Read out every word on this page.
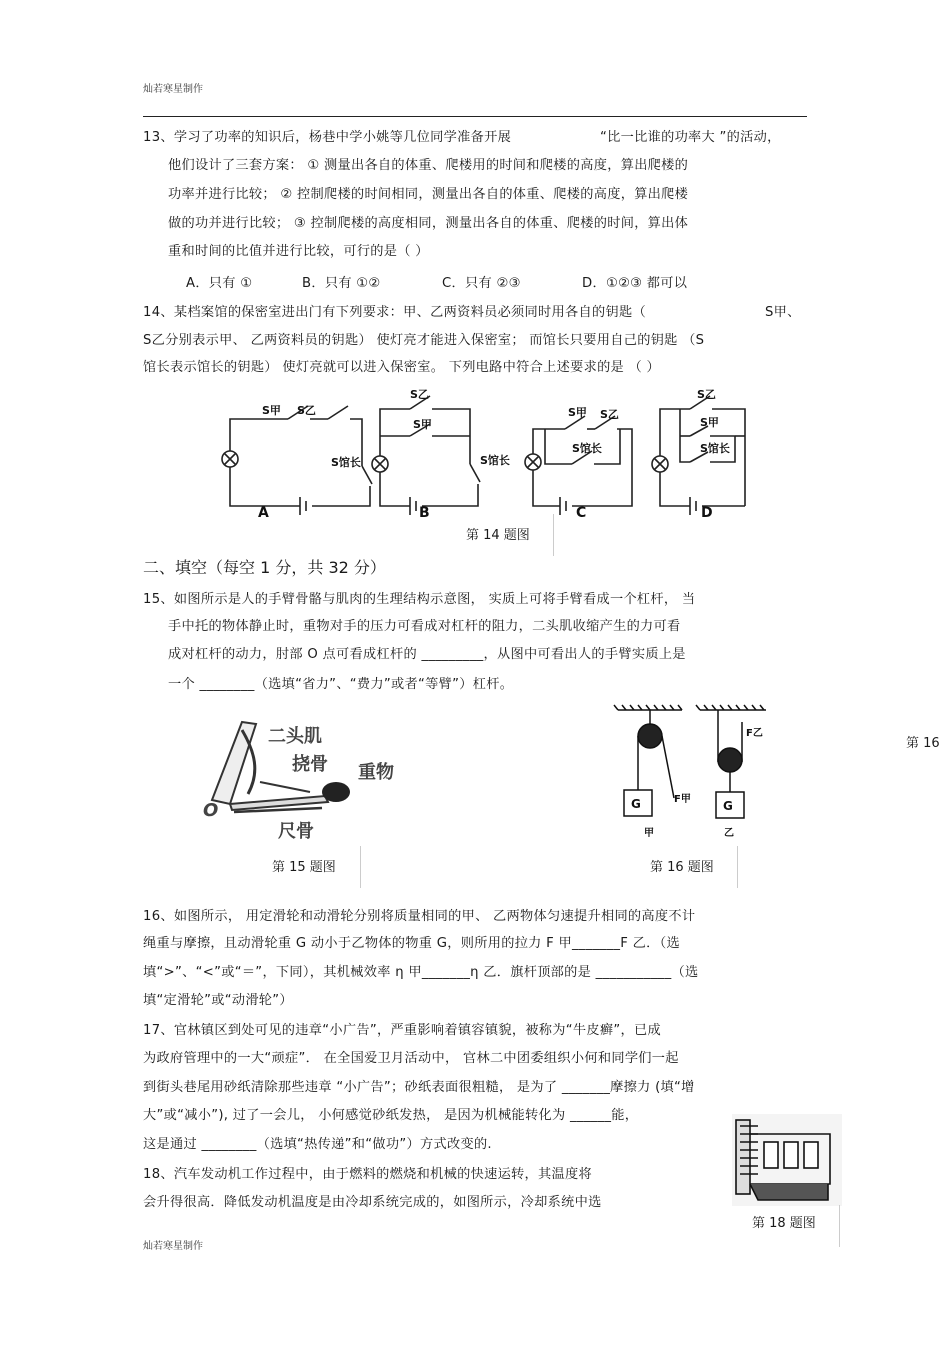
灿若寒星制作
13、学习了功率的知识后，杨巷中学小姚等几位同学准备开展	“比一比谁的功率大 ”的活动，
他们设计了三套方案： ① 测量出各自的体重、爬楼用的时间和爬楼的高度，算出爬楼的
功率并进行比较； ② 控制爬楼的时间相同，测量出各自的体重、爬楼的高度，算出爬楼
做的功并进行比较； ③ 控制爬楼的高度相同，测量出各自的体重、爬楼的时间，算出体
重和时间的比值并进行比较，可行的是（ ）
A．只有 ①	B．只有 ①②	C．只有 ②③	D．①②③ 都可以
14、某档案馆的保密室进出门有下列要求：甲、乙两资料员必须同时用各自的钥匙（	S甲、
S乙分别表示甲、 乙两资料员的钥匙） 使灯亮才能进入保密室； 而馆长只要用自己的钥匙 （S
馆长表示馆长的钥匙） 使灯亮就可以进入保密室。 下列电路中符合上述要求的是 （ ）
S甲 S乙
S馆长
S乙
S甲
S馆长
S甲 S乙
S馆长
S乙
S甲
S馆长
A	B	C	D
第 14 题图
二、填空（每空 1 分，共 32 分）
15、如图所示是人的手臂骨骼与肌肉的生理结构示意图， 实质上可将手臂看成一个杠杆， 当
手中托的物体静止时，重物对手的压力可看成对杠杆的阻力，二头肌收缩产生的力可看
成对杠杆的动力，肘部 O 点可看成杠杆的 _________，从图中可看出人的手臂实质上是
一个 ________（选填“省力”、“费力”或者“等臂”）杠杆。
二头肌
挠骨 重物
尺骨
O
第 15 题图
G	G
F甲
F乙
甲	乙
第 16 题图
第 16
16、如图所示， 用定滑轮和动滑轮分别将质量相同的甲、 乙两物体匀速提升相同的高度不计
绳重与摩擦，且动滑轮重 G 动小于乙物体的物重 G，则所用的拉力 F 甲_______F 乙．（选
填“>”、“<”或“＝”，下同），其机械效率 η 甲_______η 乙．旗杆顶部的是 ___________（选
填“定滑轮”或“动滑轮”）
17、官林镇区到处可见的违章“小广告”，严重影响着镇容镇貌，被称为“牛皮癣”，已成
为政府管理中的一大“顽症”． 在全国爱卫月活动中， 官林二中团委组织小何和同学们一起
到街头巷尾用砂纸清除那些违章 “小广告”；砂纸表面很粗糙， 是为了 _______摩擦力 (填“增
大”或“减小”), 过了一会儿， 小何感觉砂纸发热， 是因为机械能转化为 ______能，
这是通过 ________（选填“热传递”和“做功”）方式改变的.
18、汽车发动机工作过程中，由于燃料的燃烧和机械的快速运转，其温度将
会升得很高．降低发动机温度是由冷却系统完成的，如图所示，冷却系统中选
第 18 题图
灿若寒星制作
